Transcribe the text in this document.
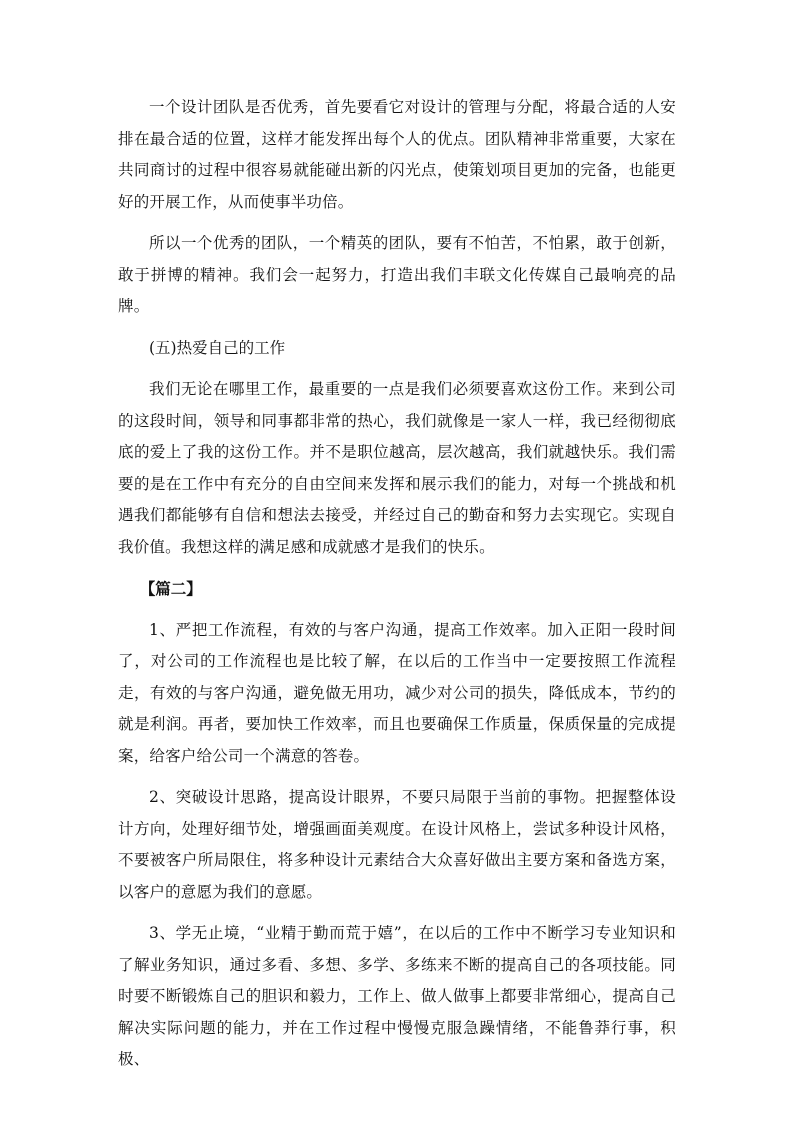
一个设计团队是否优秀，首先要看它对设计的管理与分配，将最合适的人安排在最合适的位置，这样才能发挥出每个人的优点。团队精神非常重要，大家在共同商讨的过程中很容易就能碰出新的闪光点，使策划项目更加的完备，也能更好的开展工作，从而使事半功倍。

所以一个优秀的团队，一个精英的团队，要有不怕苦，不怕累，敢于创新，敢于拼博的精神。我们会一起努力，打造出我们丰联文化传媒自己最响亮的品牌。

(五)热爱自己的工作

我们无论在哪里工作，最重要的一点是我们必须要喜欢这份工作。来到公司的这段时间，领导和同事都非常的热心，我们就像是一家人一样，我已经彻彻底底的爱上了我的这份工作。并不是职位越高，层次越高，我们就越快乐。我们需要的是在工作中有充分的自由空间来发挥和展示我们的能力，对每一个挑战和机遇我们都能够有自信和想法去接受，并经过自己的勤奋和努力去实现它。实现自我价值。我想这样的满足感和成就感才是我们的快乐。

【篇二】

1、严把工作流程，有效的与客户沟通，提高工作效率。加入正阳一段时间了，对公司的工作流程也是比较了解，在以后的工作当中一定要按照工作流程走，有效的与客户沟通，避免做无用功，减少对公司的损失，降低成本，节约的就是利润。再者，要加快工作效率，而且也要确保工作质量，保质保量的完成提案，给客户给公司一个满意的答卷。

2、突破设计思路，提高设计眼界，不要只局限于当前的事物。把握整体设计方向，处理好细节处，增强画面美观度。在设计风格上，尝试多种设计风格，不要被客户所局限住，将多种设计元素结合大众喜好做出主要方案和备选方案，以客户的意愿为我们的意愿。

3、学无止境，“业精于勤而荒于嬉”，在以后的工作中不断学习专业知识和了解业务知识，通过多看、多想、多学、多练来不断的提高自己的各项技能。同时要不断锻炼自己的胆识和毅力，工作上、做人做事上都要非常细心，提高自己解决实际问题的能力，并在工作过程中慢慢克服急躁情绪，不能鲁莽行事，积极、
